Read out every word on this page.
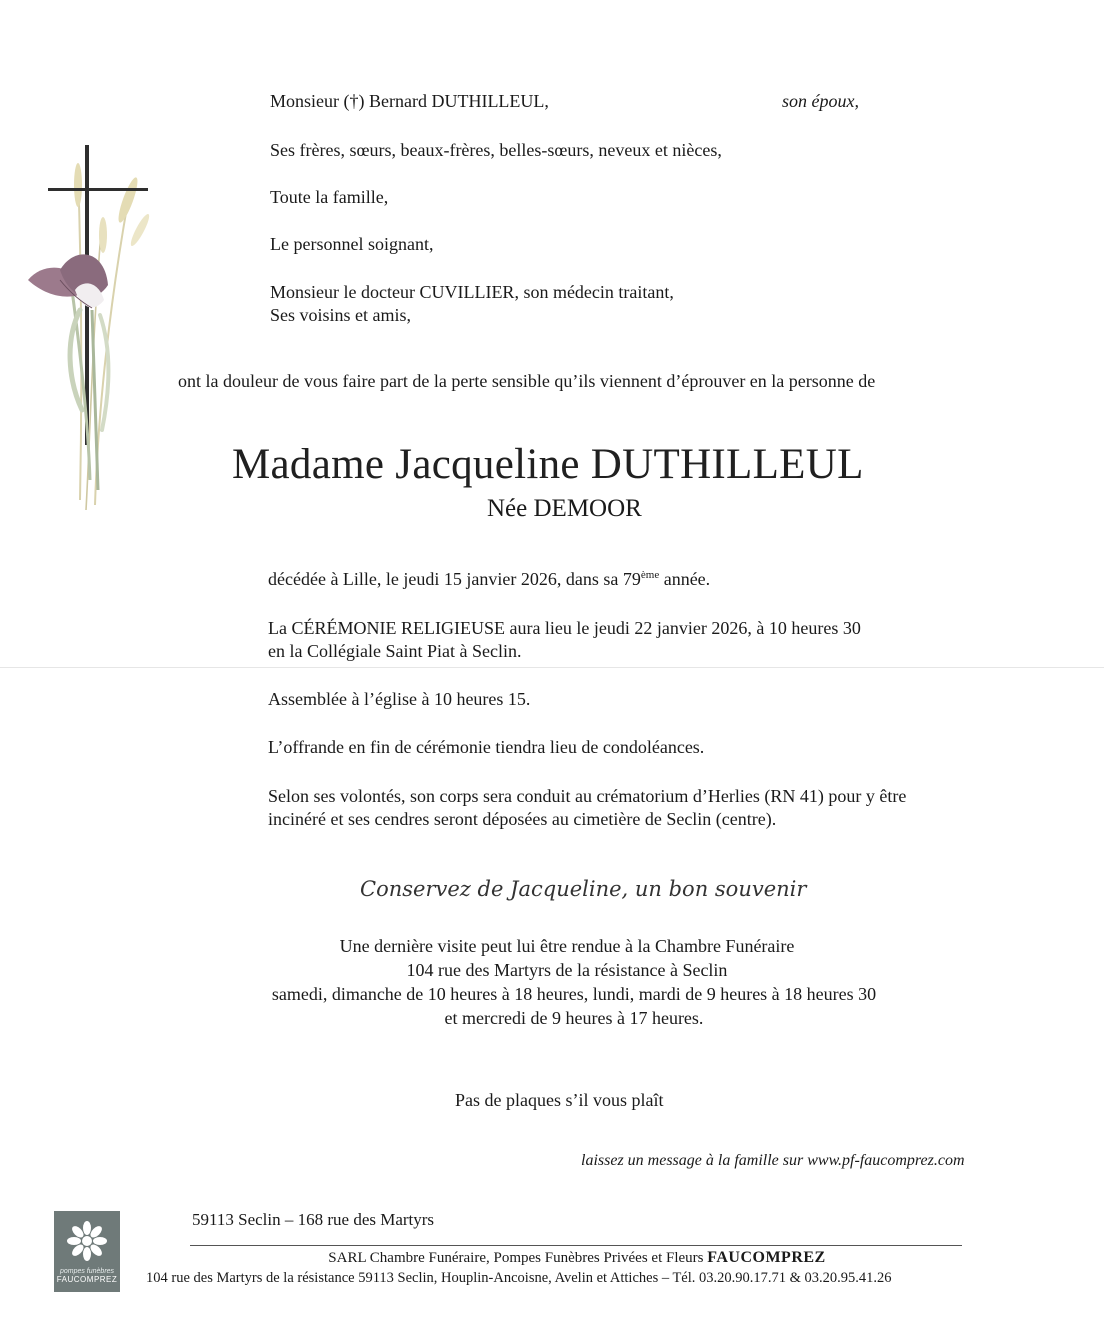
Monsieur (†) Bernard DUTHILLEUL,	son époux,
Ses frères, sœurs, beaux-frères, belles-sœurs, neveux et nièces,
Toute la famille,
Le personnel soignant,
Monsieur le docteur CUVILLIER, son médecin traitant,
Ses voisins et amis,
ont la douleur de vous faire part de la perte sensible qu’ils viennent d’éprouver en la personne de
Madame Jacqueline DUTHILLEUL
Née DEMOOR
décédée à Lille, le jeudi 15 janvier 2026, dans sa 79ème année.
La CÉRÉMONIE RELIGIEUSE aura lieu le jeudi 22 janvier 2026, à 10 heures 30
en la Collégiale Saint Piat à Seclin.
Assemblée à l’église à 10 heures 15.
L’offrande en fin de cérémonie tiendra lieu de condoléances.
Selon ses volontés, son corps sera conduit au crématorium d’Herlies (RN 41) pour y être
incinéré et ses cendres seront déposées au cimetière de Seclin (centre).
Conservez de Jacqueline, un bon souvenir
Une dernière visite peut lui être rendue à la Chambre Funéraire
104 rue des Martyrs de la résistance à Seclin
samedi, dimanche de 10 heures à 18 heures, lundi, mardi de 9 heures à 18 heures 30
et mercredi de 9 heures à 17 heures.
Pas de plaques s’il vous plaît
laissez un message à la famille sur www.pf-faucomprez.com
pompes funèbres
FAUCOMPREZ
59113 Seclin – 168 rue des Martyrs
SARL Chambre Funéraire, Pompes Funèbres Privées et Fleurs FAUCOMPREZ
104 rue des Martyrs de la résistance 59113 Seclin, Houplin-Ancoisne, Avelin et Attiches – Tél. 03.20.90.17.71 & 03.20.95.41.26
